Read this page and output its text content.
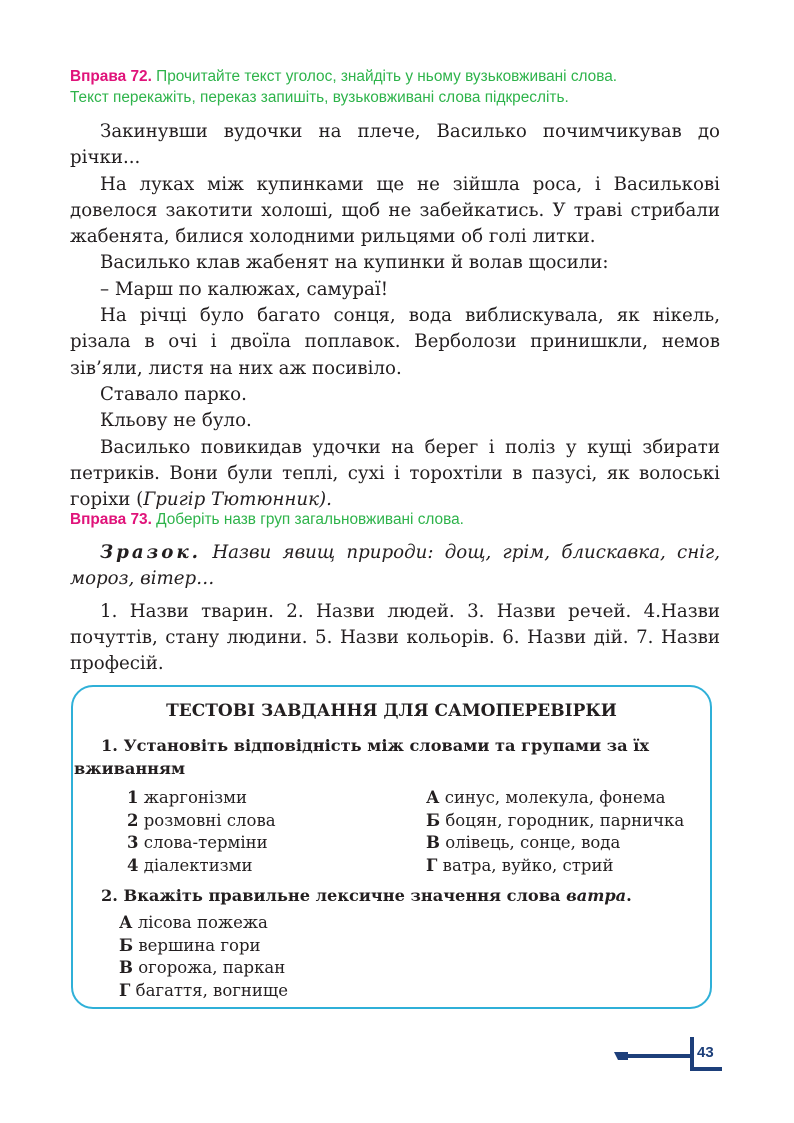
Вправа 72. Прочитайте текст уголос, знайдіть у ньому вузьковживані слова.
Текст перекажіть, переказ запишіть, вузьковживані слова підкресліть.

Закинувши вудочки на плече, Василько почимчикував до річки...

На луках між купинками ще не зійшла роса, і Василькові довелося закотити холоші, щоб не забейкатись. У траві стрибали жабенята, билися холодними рильцями об голі литки.

Василько клав жабенят на купинки й волав щосили:

– Марш по калюжах, самураї!

На річці було багато сонця, вода виблискувала, як нікель, різала в очі і двоїла поплавок. Верболози принишкли, немов зів’яли, листя на них аж посивіло.

Ставало парко.

Кльову не було.

Василько повикидав удочки на берег і поліз у кущі збирати петриків. Вони були теплі, сухі і торохтіли в пазусі, як волоські горіхи (Григір Тютюнник).

Вправа 73. Доберіть назв груп загальновживані слова.

Зразок. Назви явищ природи: дощ, грім, блискавка, сніг, мороз, вітер…

1. Назви тварин. 2. Назви людей. 3. Назви речей. 4.Назви почуттів, стану людини. 5. Назви кольорів. 6. Назви дій. 7. Назви професій.

ТЕСТОВІ ЗАВДАННЯ ДЛЯ САМОПЕРЕВІРКИ
1. Установіть відповідність між словами та групами за їх
вживанням
1 жаргонізми
2 розмовні слова
3 слова-терміни
4 діалектизми
А синус, молекула, фонема
Б боцян, городник, парничка
В олівець, сонце, вода
Г ватра, вуйко, стрий
2. Вкажіть правильне лексичне значення слова ватра.
А лісова пожежа
Б вершина гори
В огорожа, паркан
Г багаття, вогнище
43
